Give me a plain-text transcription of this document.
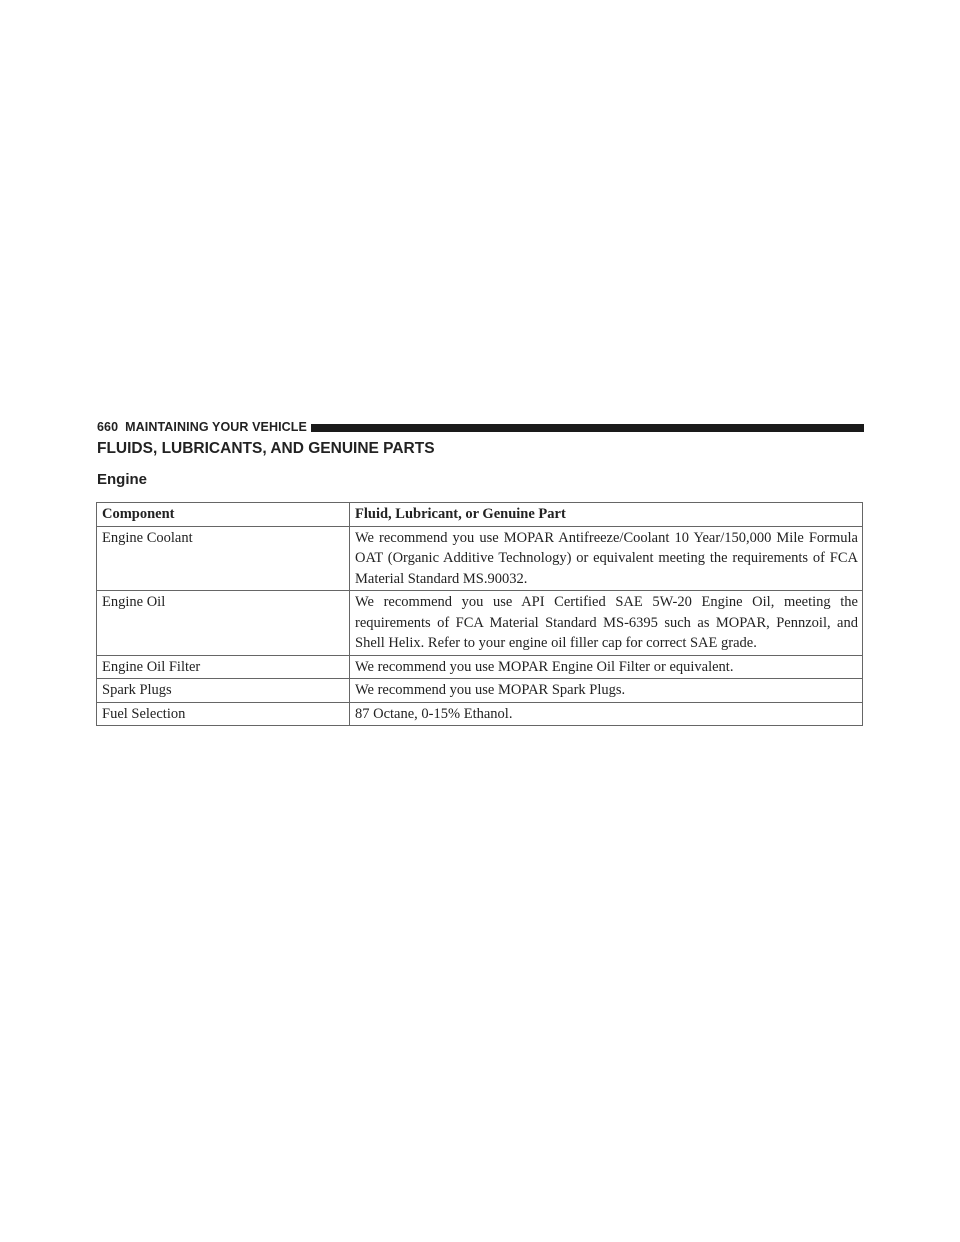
660 MAINTAINING YOUR VEHICLE
FLUIDS, LUBRICANTS, AND GENUINE PARTS
Engine
Component	Fluid, Lubricant, or Genuine Part
Engine Coolant	We recommend you use MOPAR Antifreeze/Coolant 10 Year/150,000 Mile Formula OAT (Organic Additive Technology) or equivalent meeting the requirements of FCA Material Standard MS.90032.
Engine Oil	We recommend you use API Certified SAE 5W-20 Engine Oil, meeting the requirements of FCA Material Standard MS-6395 such as MOPAR, Pennzoil, and Shell Helix. Refer to your engine oil filler cap for correct SAE grade.
Engine Oil Filter	We recommend you use MOPAR Engine Oil Filter or equivalent.
Spark Plugs	We recommend you use MOPAR Spark Plugs.
Fuel Selection	87 Octane, 0-15% Ethanol.
